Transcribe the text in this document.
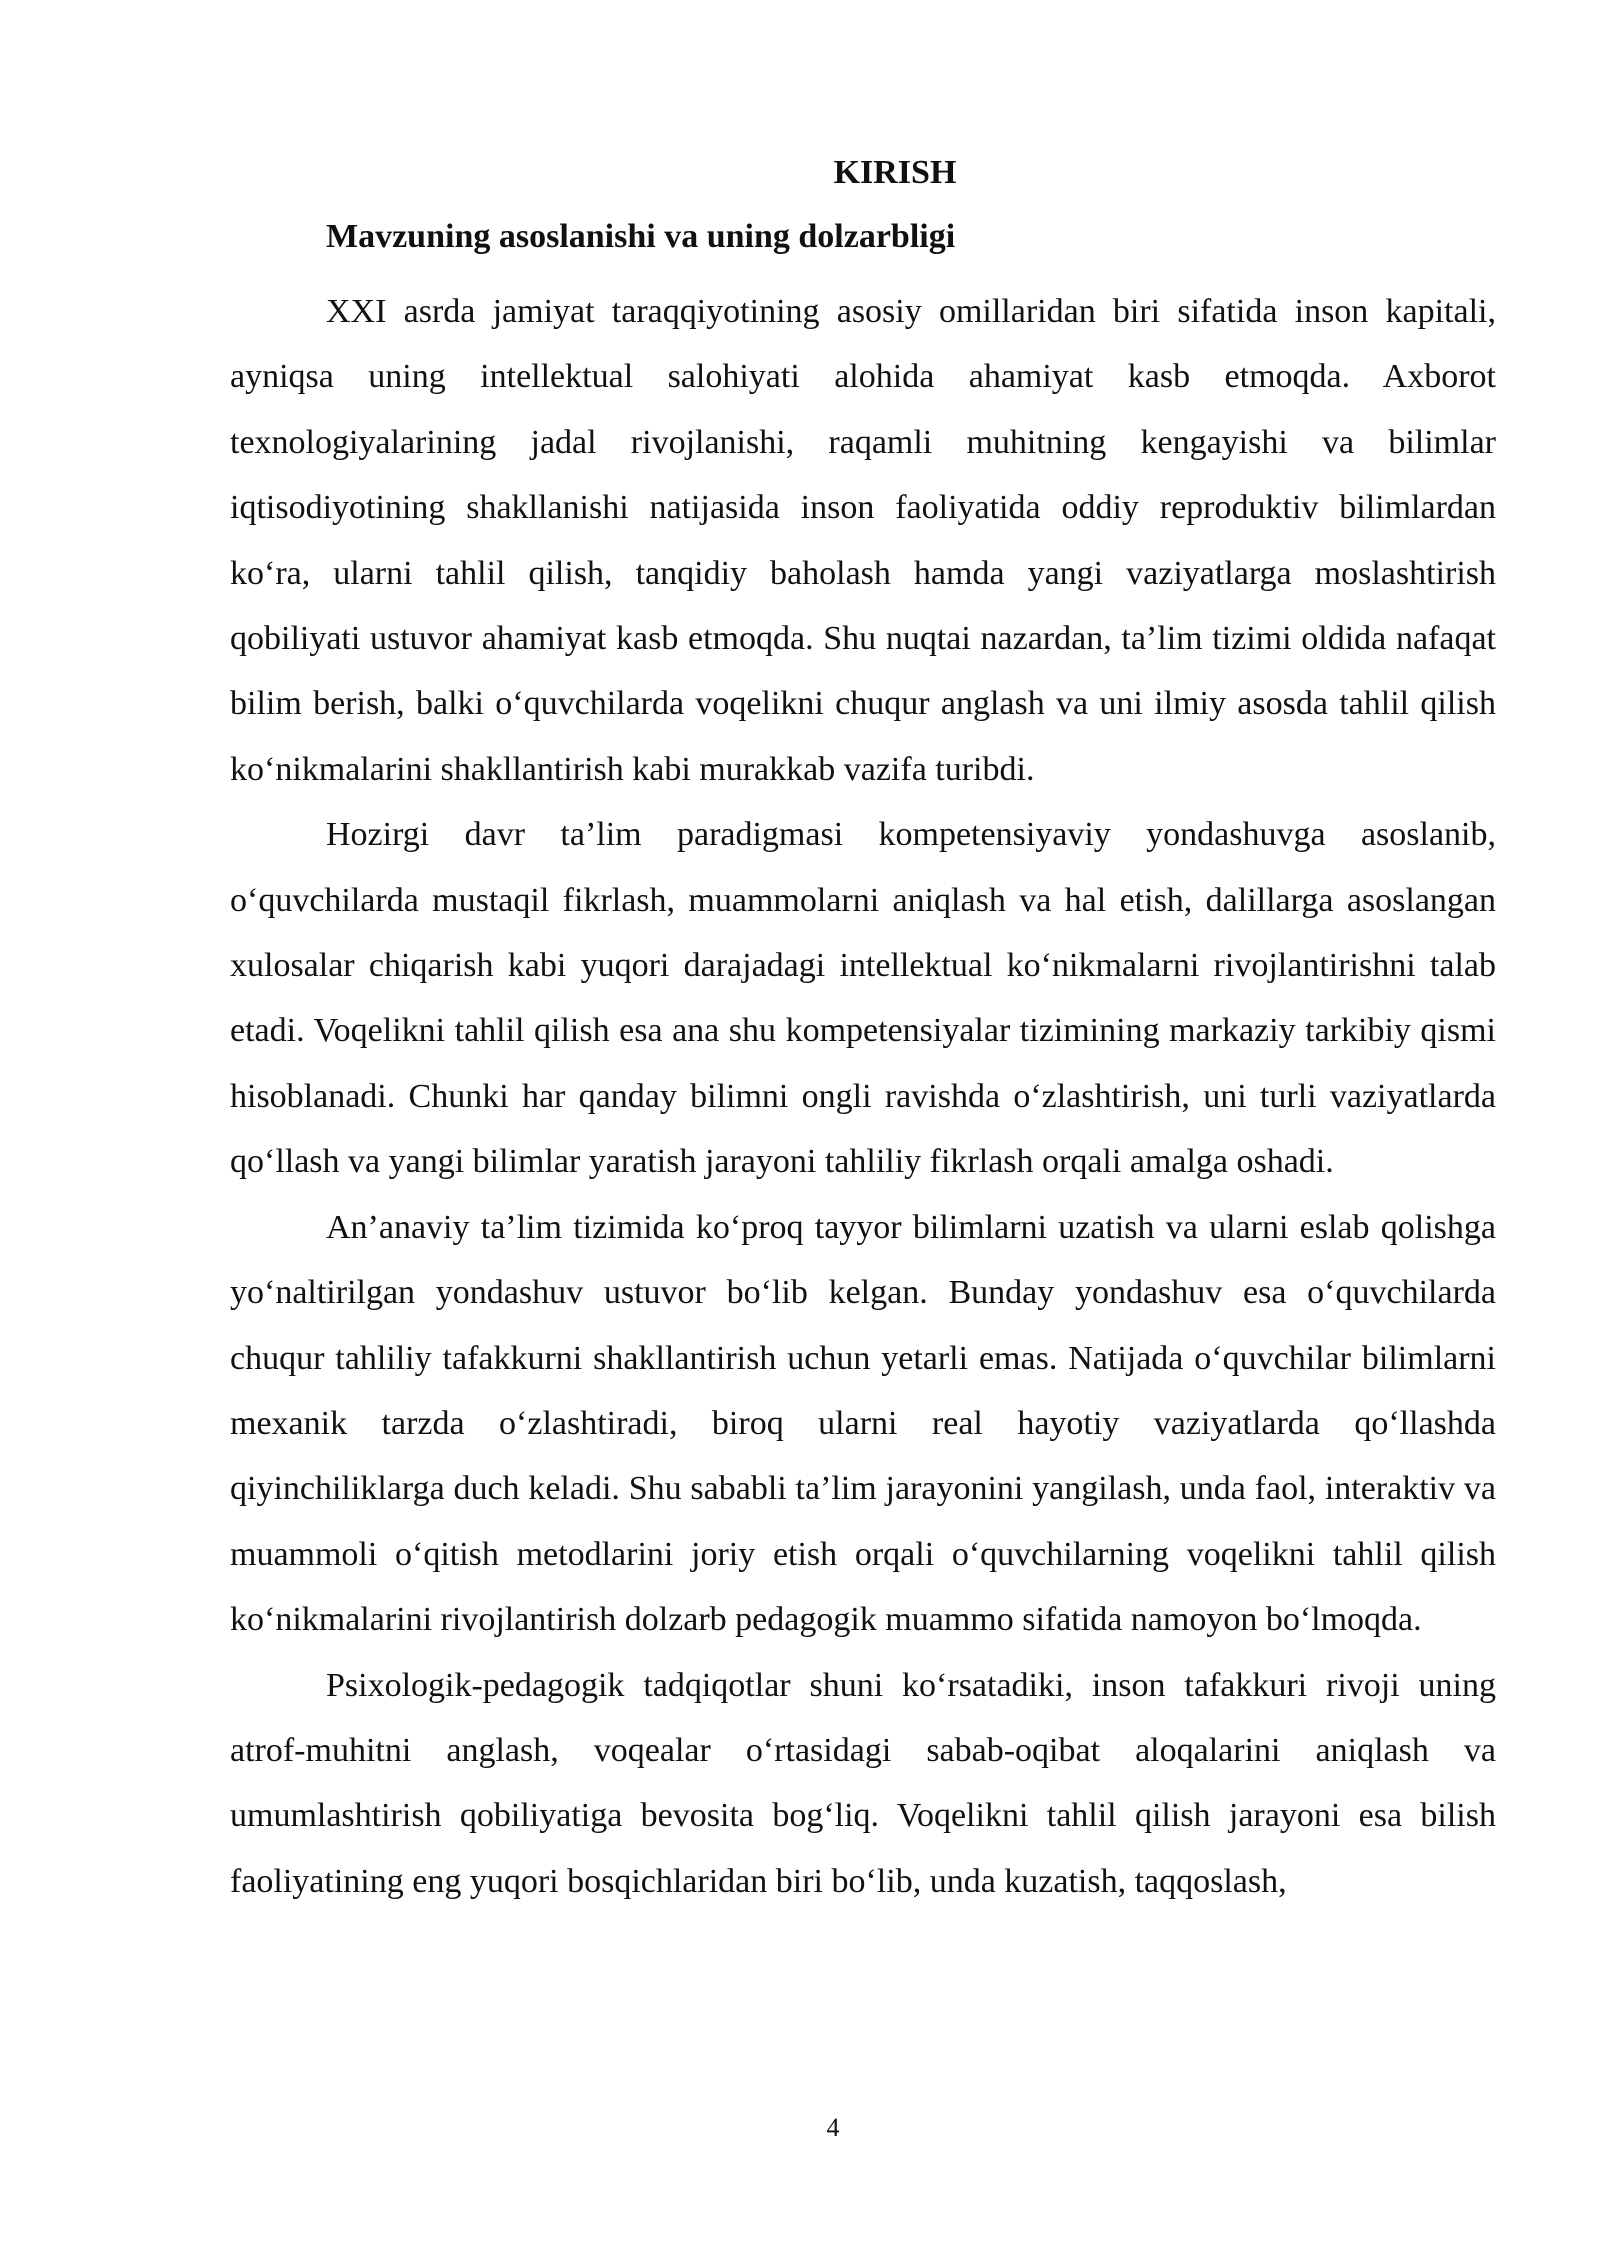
KIRISH
Mavzuning asoslanishi va uning dolzarbligi

XXI asrda jamiyat taraqqiyotining asosiy omillaridan biri sifatida inson kapitali, ayniqsa uning intellektual salohiyati alohida ahamiyat kasb etmoqda. Axborot texnologiyalarining jadal rivojlanishi, raqamli muhitning kengayishi va bilimlar iqtisodiyotining shakllanishi natijasida inson faoliyatida oddiy reproduktiv bilimlardan ko‘ra, ularni tahlil qilish, tanqidiy baholash hamda yangi vaziyatlarga moslashtirish qobiliyati ustuvor ahamiyat kasb etmoqda. Shu nuqtai nazardan, ta’lim tizimi oldida nafaqat bilim berish, balki o‘quvchilarda voqelikni chuqur anglash va uni ilmiy asosda tahlil qilish ko‘nikmalarini shakllantirish kabi murakkab vazifa turibdi.

Hozirgi davr ta’lim paradigmasi kompetensiyaviy yondashuvga asoslanib, o‘quvchilarda mustaqil fikrlash, muammolarni aniqlash va hal etish, dalillarga asoslangan xulosalar chiqarish kabi yuqori darajadagi intellektual ko‘nikmalarni rivojlantirishni talab etadi. Voqelikni tahlil qilish esa ana shu kompetensiyalar tizimining markaziy tarkibiy qismi hisoblanadi. Chunki har qanday bilimni ongli ravishda o‘zlashtirish, uni turli vaziyatlarda qo‘llash va yangi bilimlar yaratish jarayoni tahliliy fikrlash orqali amalga oshadi.

An’anaviy ta’lim tizimida ko‘proq tayyor bilimlarni uzatish va ularni eslab qolishga yo‘naltirilgan yondashuv ustuvor bo‘lib kelgan. Bunday yondashuv esa o‘quvchilarda chuqur tahliliy tafakkurni shakllantirish uchun yetarli emas. Natijada o‘quvchilar bilimlarni mexanik tarzda o‘zlashtiradi, biroq ularni real hayotiy vaziyatlarda qo‘llashda qiyinchiliklarga duch keladi. Shu sababli ta’lim jarayonini yangilash, unda faol, interaktiv va muammoli o‘qitish metodlarini joriy etish orqali o‘quvchilarning voqelikni tahlil qilish ko‘nikmalarini rivojlantirish dolzarb pedagogik muammo sifatida namoyon bo‘lmoqda.

Psixologik-pedagogik tadqiqotlar shuni ko‘rsatadiki, inson tafakkuri rivoji uning atrof-muhitni anglash, voqealar o‘rtasidagi sabab-oqibat aloqalarini aniqlash va umumlashtirish qobiliyatiga bevosita bog‘liq. Voqelikni tahlil qilish jarayoni esa bilish faoliyatining eng yuqori bosqichlaridan biri bo‘lib, unda kuzatish, taqqoslash,

4
